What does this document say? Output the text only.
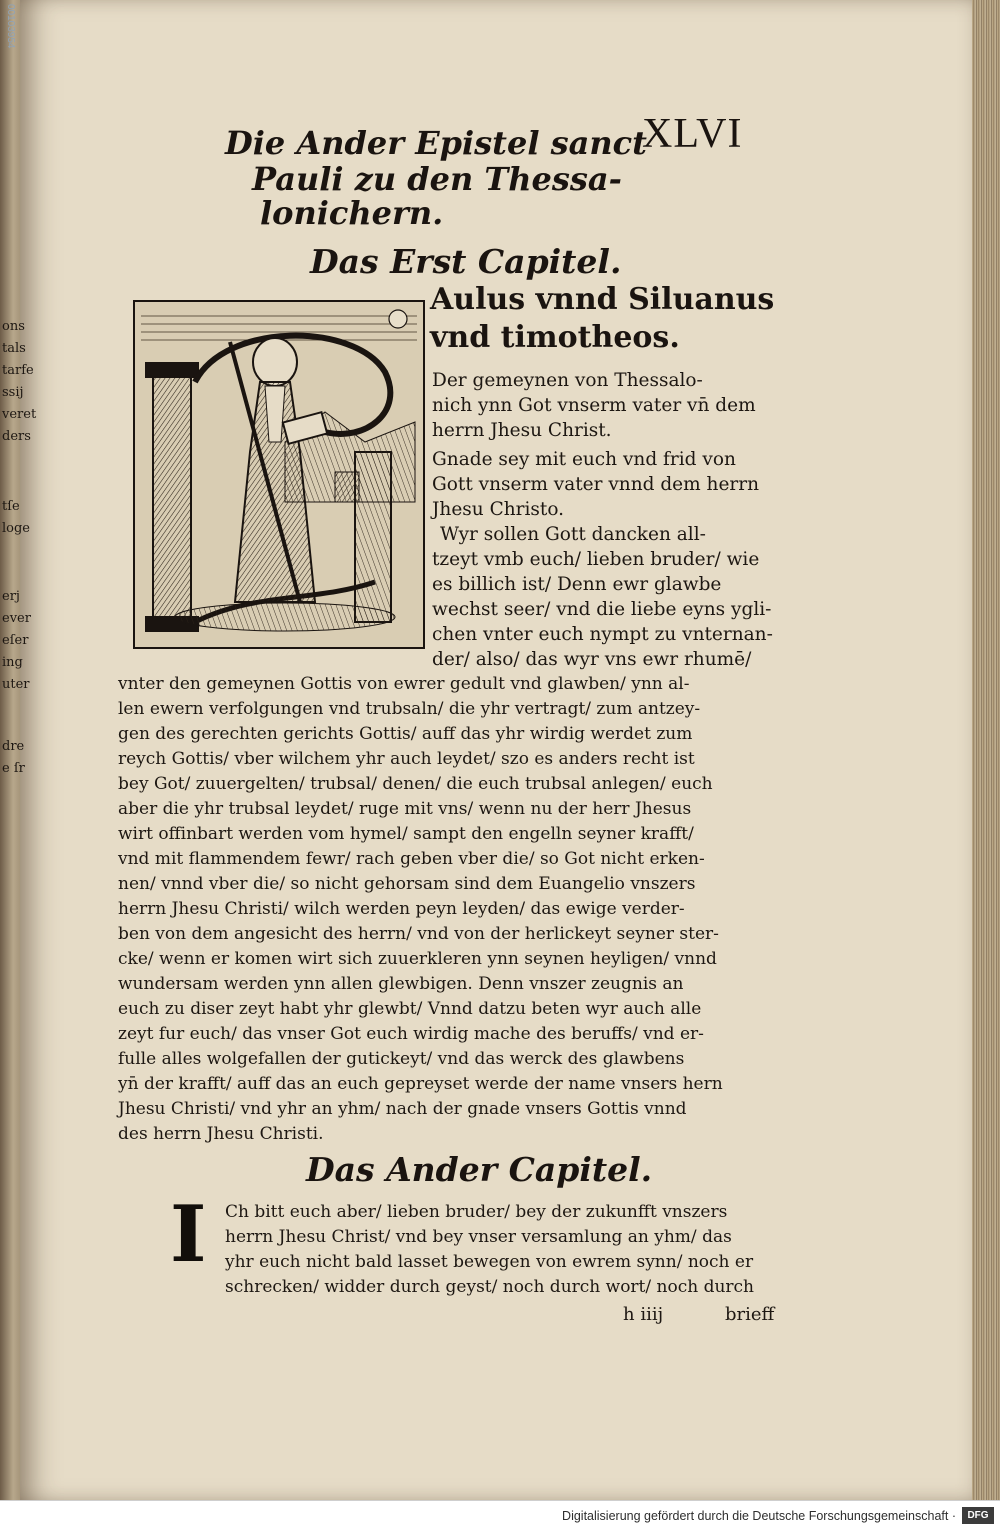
Die Ander Epistel sanct
Pauli zu den Thessa-
lonichern.
XLVI
Das Erst Capitel.
Aulus vnnd Siluanus
vnd timotheos.
Der gemeynen von Thessalo-
nich ynn Got vnserm vater vn̄ dem
herrn Jhesu Christ.
Gnade sey mit euch vnd frid von
Gott vnserm vater vnnd dem herrn
Jhesu Christo.
Wyr sollen Gott dancken all-
tzeyt vmb euch/ lieben bruder/ wie
es billich ist/ Denn ewr glawbe
wechst seer/ vnd die liebe eyns ygli-
chen vnter euch nympt zu vnternan-
der/ also/ das wyr vns ewr rhumē/
vnter den gemeynen Gottis von ewrer gedult vnd glawben/ ynn al-
len ewern verfolgungen vnd trubsaln/ die yhr vertragt/ zum antzey-
gen des gerechten gerichts Gottis/ auff das yhr wirdig werdet zum
reych Gottis/ vber wilchem yhr auch leydet/ szo es anders recht ist
bey Got/ zuuergelten/ trubsal/ denen/ die euch trubsal anlegen/ euch
aber die yhr trubsal leydet/ ruge mit vns/ wenn nu der herr Jhesus
wirt offinbart werden vom hymel/ sampt den engelln seyner krafft/
vnd mit flammendem fewr/ rach geben vber die/ so Got nicht erken-
nen/ vnnd vber die/ so nicht gehorsam sind dem Euangelio vnszers
herrn Jhesu Christi/ wilch werden peyn leyden/ das ewige verder-
ben von dem angesicht des herrn/ vnd von der herlickeyt seyner ster-
cke/ wenn er komen wirt sich zuuerkleren ynn seynen heyligen/ vnnd
wundersam werden ynn allen glewbigen. Denn vnszer zeugnis an
euch zu diser zeyt habt yhr glewbt/ Vnnd datzu beten wyr auch alle
zeyt fur euch/ das vnser Got euch wirdig mache des beruffs/ vnd er-
fulle alles wolgefallen der gutickeyt/ vnd das werck des glawbens
yn̄ der krafft/ auff das an euch gepreyset werde der name vnsers hern
Jhesu Christi/ vnd yhr an yhm/ nach der gnade vnsers Gottis vnnd
des herrn Jhesu Christi.
Das Ander Capitel.
I	Ch bitt euch aber/ lieben bruder/ bey der zukunfft vnszers
herrn Jhesu Christ/ vnd bey vnser versamlung an yhm/ das
yhr euch nicht bald lasset bewegen von ewrem synn/ noch er
schrecken/ widder durch geyst/ noch durch wort/ noch durch
h iiij	brieff
ons
tals
tarfe
ssij
veret
ders
tſe
loge
erj
ever
eſer
ing
uter
dre
e ſr
00103954
Digitalisierung gefördert durch die Deutsche Forschungsgemeinschaft ·	DFG
